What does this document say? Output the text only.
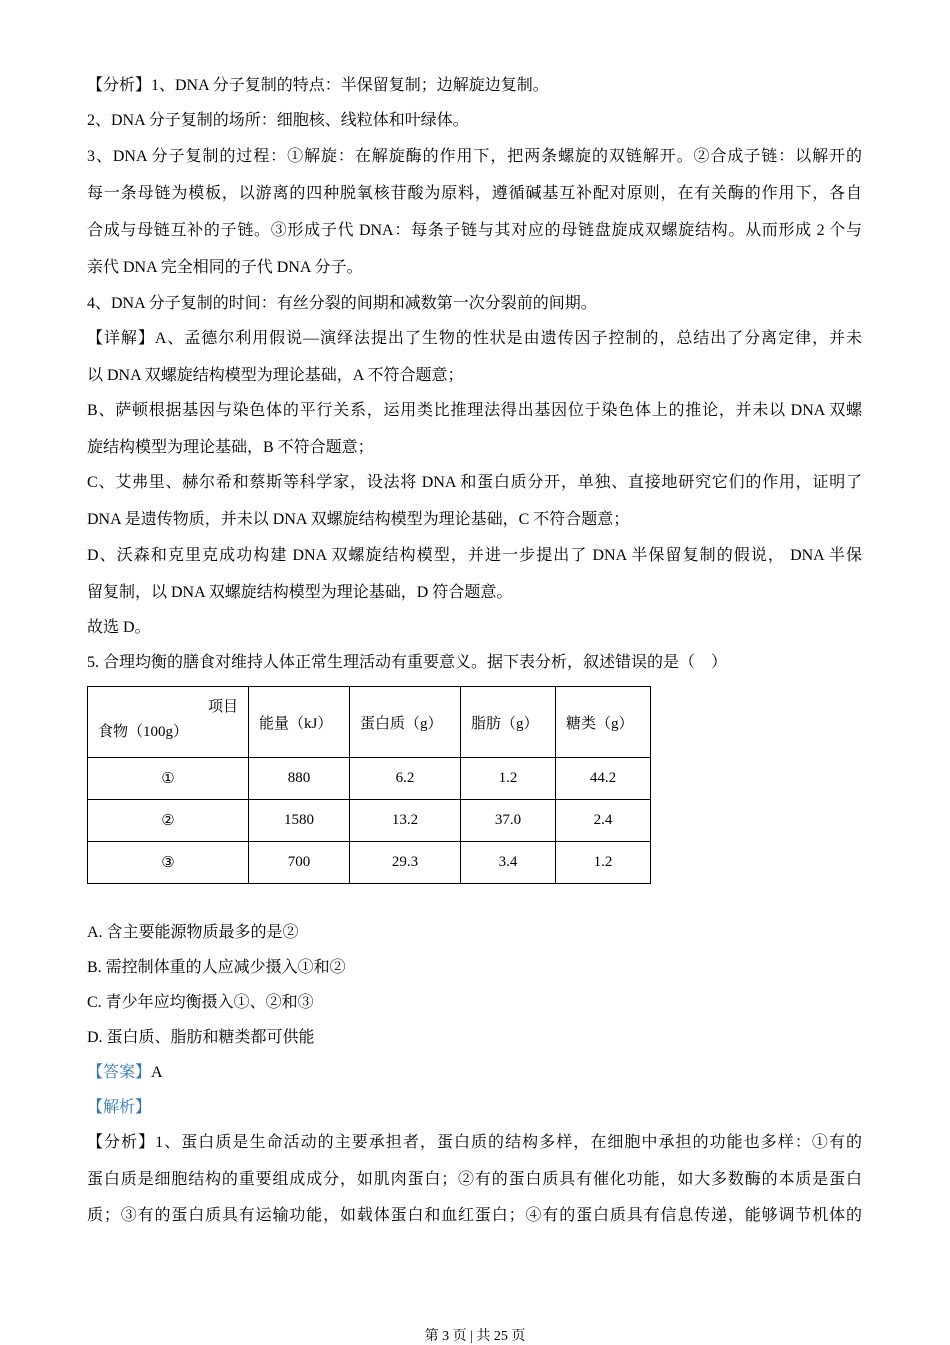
【分析】1、DNA 分子复制的特点：半保留复制；边解旋边复制。
2、DNA 分子复制的场所：细胞核、线粒体和叶绿体。
3、DNA 分子复制的过程：①解旋：在解旋酶的作用下，把两条螺旋的双链解开。②合成子链：以解开的
每一条母链为模板，以游离的四种脱氧核苷酸为原料，遵循碱基互补配对原则，在有关酶的作用下，各自
合成与母链互补的子链。③形成子代 DNA：每条子链与其对应的母链盘旋成双螺旋结构。从而形成 2 个与
亲代 DNA 完全相同的子代 DNA 分子。
4、DNA 分子复制的时间：有丝分裂的间期和减数第一次分裂前的间期。
【详解】A、孟德尔利用假说—演绎法提出了生物的性状是由遗传因子控制的，总结出了分离定律，并未
以 DNA 双螺旋结构模型为理论基础，A 不符合题意；
B、萨顿根据基因与染色体的平行关系，运用类比推理法得出基因位于染色体上的推论，并未以 DNA 双螺
旋结构模型为理论基础，B 不符合题意；
C、艾弗里、赫尔希和蔡斯等科学家，设法将 DNA 和蛋白质分开，单独、直接地研究它们的作用，证明了
DNA 是遗传物质，并未以 DNA 双螺旋结构模型为理论基础，C 不符合题意；
D、沃森和克里克成功构建 DNA 双螺旋结构模型，并进一步提出了 DNA 半保留复制的假说， DNA 半保
留复制，以 DNA 双螺旋结构模型为理论基础，D 符合题意。
故选 D。
5. 合理均衡的膳食对维持人体正常生理活动有重要意义。据下表分析，叙述错误的是（　）
项目
食物（100g）	能量（kJ）	蛋白质（g）	脂肪（g）	糖类（g）
①	880	6.2	1.2	44.2
②	1580	13.2	37.0	2.4
③	700	29.3	3.4	1.2
A. 含主要能源物质最多的是②
B. 需控制体重的人应减少摄入①和②
C. 青少年应均衡摄入①、②和③
D. 蛋白质、脂肪和糖类都可供能
【答案】A
【解析】
【分析】1、蛋白质是生命活动的主要承担者，蛋白质的结构多样，在细胞中承担的功能也多样：①有的
蛋白质是细胞结构的重要组成成分，如肌肉蛋白；②有的蛋白质具有催化功能，如大多数酶的本质是蛋白
质；③有的蛋白质具有运输功能，如载体蛋白和血红蛋白；④有的蛋白质具有信息传递，能够调节机体的
第 3 页 | 共 25 页
